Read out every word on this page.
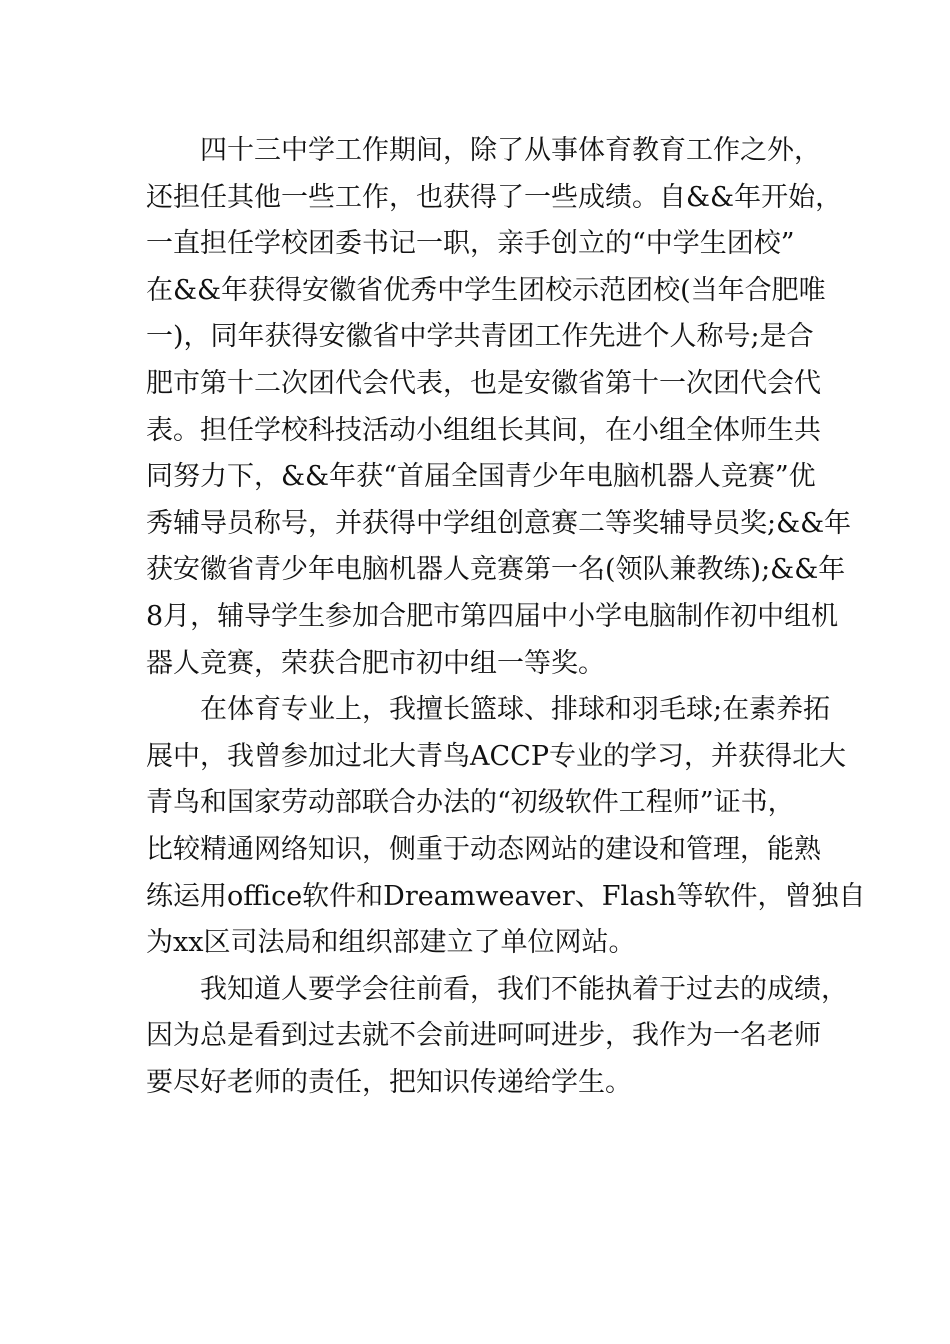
四十三中学工作期间，除了从事体育教育工作之外，
还担任其他一些工作，也获得了一些成绩。自&&年开始，
一直担任学校团委书记一职，亲手创立的“中学生团校”
在&&年获得安徽省优秀中学生团校示范团校(当年合肥唯
一)，同年获得安徽省中学共青团工作先进个人称号;是合
肥市第十二次团代会代表，也是安徽省第十一次团代会代
表。担任学校科技活动小组组长其间，在小组全体师生共
同努力下，&&年获“首届全国青少年电脑机器人竞赛”优
秀辅导员称号，并获得中学组创意赛二等奖辅导员奖;&&年
获安徽省青少年电脑机器人竞赛第一名(领队兼教练);&&年
8月，辅导学生参加合肥市第四届中小学电脑制作初中组机
器人竞赛，荣获合肥市初中组一等奖。
在体育专业上，我擅长篮球、排球和羽毛球;在素养拓
展中，我曾参加过北大青鸟ACCP专业的学习，并获得北大
青鸟和国家劳动部联合办法的“初级软件工程师”证书，
比较精通网络知识，侧重于动态网站的建设和管理，能熟
练运用office软件和Dreamweaver、Flash等软件，曾独自
为xx区司法局和组织部建立了单位网站。
我知道人要学会往前看，我们不能执着于过去的成绩，
因为总是看到过去就不会前进呵呵进步，我作为一名老师
要尽好老师的责任，把知识传递给学生。
